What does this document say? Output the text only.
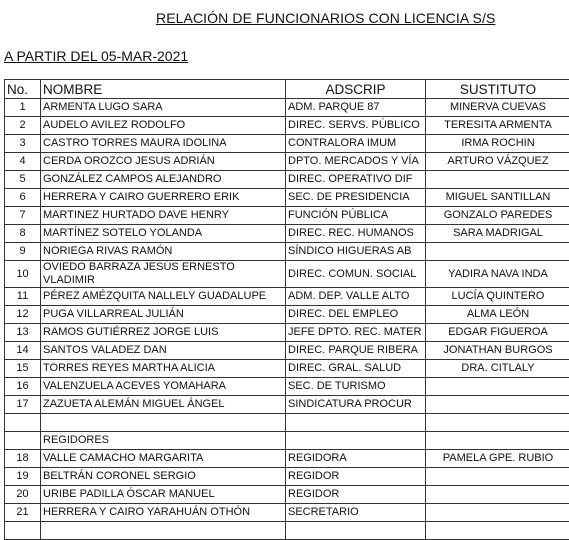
RELACIÓN DE FUNCIONARIOS CON LICENCIA S/S
A PARTIR DEL 05-MAR-2021
No.	NOMBRE	ADSCRIP	SUSTITUTO
1	ARMENTA LUGO SARA	ADM. PARQUE 87	MINERVA CUEVAS
2	AUDELO AVILEZ RODOLFO	DIREC. SERVS. PÚBLICO	TERESITA ARMENTA
3	CASTRO TORRES MAURA IDOLINA	CONTRALORA IMUM	IRMA ROCHIN
4	CERDA OROZCO JESUS ADRIÁN	DPTO. MERCADOS Y VÍA	ARTURO VÁZQUEZ
5	GONZÁLEZ CAMPOS ALEJANDRO	DIREC. OPERATIVO DIF	
6	HERRERA Y CAIRO GUERRERO ERIK	SEC. DE PRESIDENCIA	MIGUEL SANTILLAN
7	MARTINEZ HURTADO DAVE HENRY	FUNCIÓN PÚBLICA	GONZALO PAREDES
8	MARTÍNEZ SOTELO YOLANDA	DIREC. REC. HUMANOS	SARA MADRIGAL
9	NORIEGA RIVAS RAMÓN	SÍNDICO HIGUERAS AB	
10	OVIEDO BARRAZA JESÚS ERNESTO
VLADIMIR	DIREC. COMUN. SOCIAL	YADIRA NAVA INDA
11	PÉREZ AMÉZQUITA NALLELY GUADALUPE	ADM. DEP. VALLE ALTO	LUCÍA QUINTERO
12	PUGA VILLARREAL JULIÁN	DIREC. DEL EMPLEO	ALMA LEÓN
13	RAMOS GUTIÉRREZ JORGE LUIS	JEFE DPTO. REC. MATER	EDGAR FIGUEROA
14	SANTOS VALADEZ DAN	DIREC. PARQUE RIBERA	JONATHAN BURGOS
15	TORRES REYES MARTHA ALICIA	DIREC. GRAL. SALUD	DRA. CITLALY
16	VALENZUELA ACEVES YOMAHARA	SEC. DE TURISMO	
17	ZAZUETA ALEMÁN MIGUEL ÁNGEL	SINDICATURA PROCUR	

	REGIDORES		
18	VALLE CAMACHO MARGARITA	REGIDORA	PAMELA GPE. RUBIO
19	BELTRÁN CORONEL SERGIO	REGIDOR	
20	URIBE PADILLA ÓSCAR MANUEL	REGIDOR	
21	HERRERA Y CAIRO YARAHUÁN OTHÓN	SECRETARIO	
